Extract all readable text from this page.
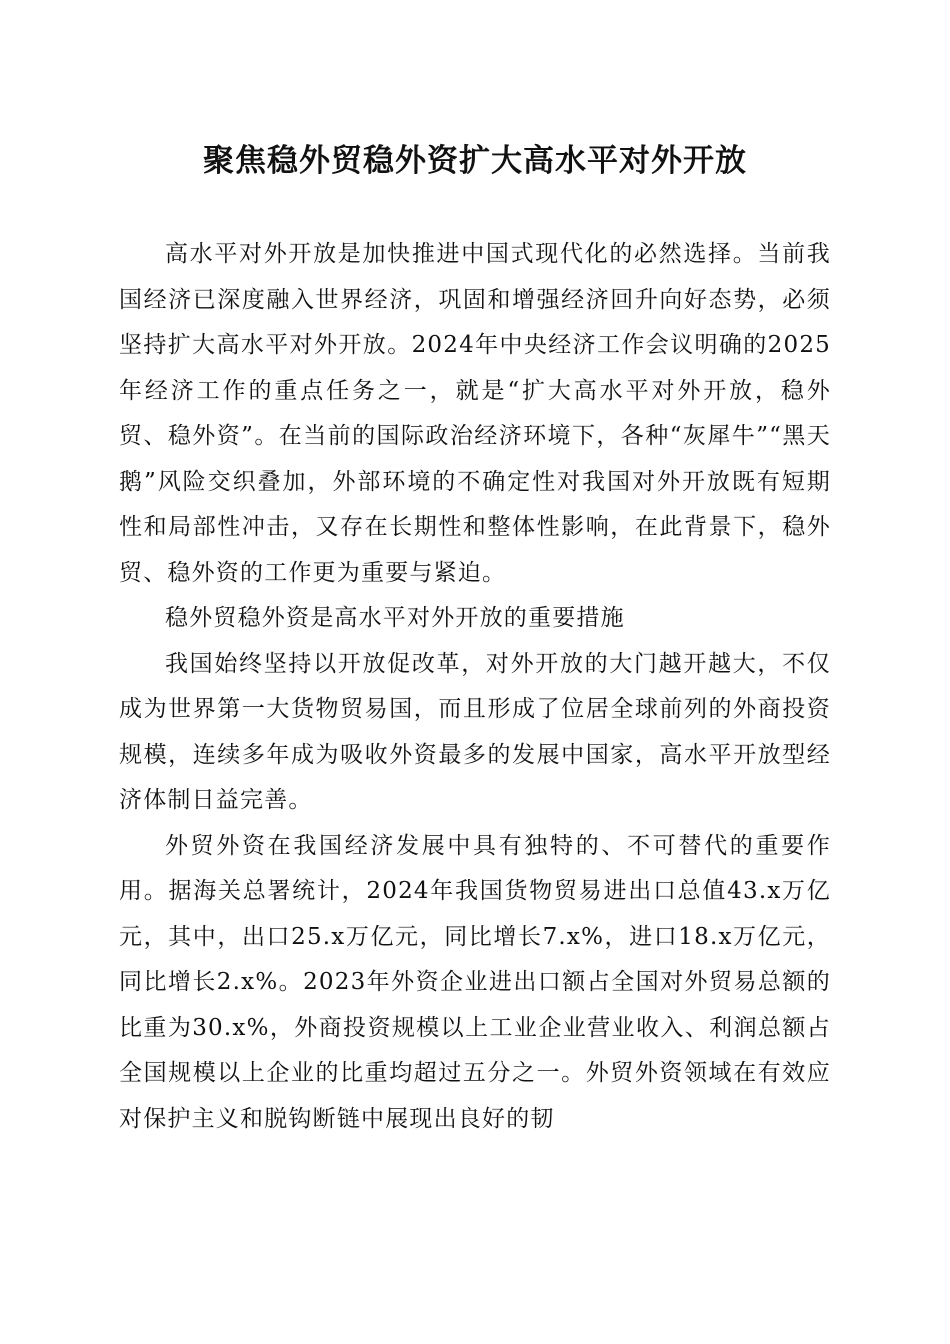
聚焦稳外贸稳外资扩大高水平对外开放

高水平对外开放是加快推进中国式现代化的必然选择。当前我国经济已深度融入世界经济，巩固和增强经济回升向好态势，必须坚持扩大高水平对外开放。2024年中央经济工作会议明确的2025年经济工作的重点任务之一，就是“扩大高水平对外开放，稳外贸、稳外资”。在当前的国际政治经济环境下，各种“灰犀牛”“黑天鹅”风险交织叠加，外部环境的不确定性对我国对外开放既有短期性和局部性冲击，又存在长期性和整体性影响，在此背景下，稳外贸、稳外资的工作更为重要与紧迫。

稳外贸稳外资是高水平对外开放的重要措施

我国始终坚持以开放促改革，对外开放的大门越开越大，不仅成为世界第一大货物贸易国，而且形成了位居全球前列的外商投资规模，连续多年成为吸收外资最多的发展中国家，高水平开放型经济体制日益完善。

外贸外资在我国经济发展中具有独特的、不可替代的重要作用。据海关总署统计，2024年我国货物贸易进出口总值43.x万亿元，其中，出口25.x万亿元，同比增长7.x%，进口18.x万亿元，同比增长2.x%。2023年外资企业进出口额占全国对外贸易总额的比重为30.x%，外商投资规模以上工业企业营业收入、利润总额占全国规模以上企业的比重均超过五分之一。外贸外资领域在有效应对保护主义和脱钩断链中展现出良好的韧
